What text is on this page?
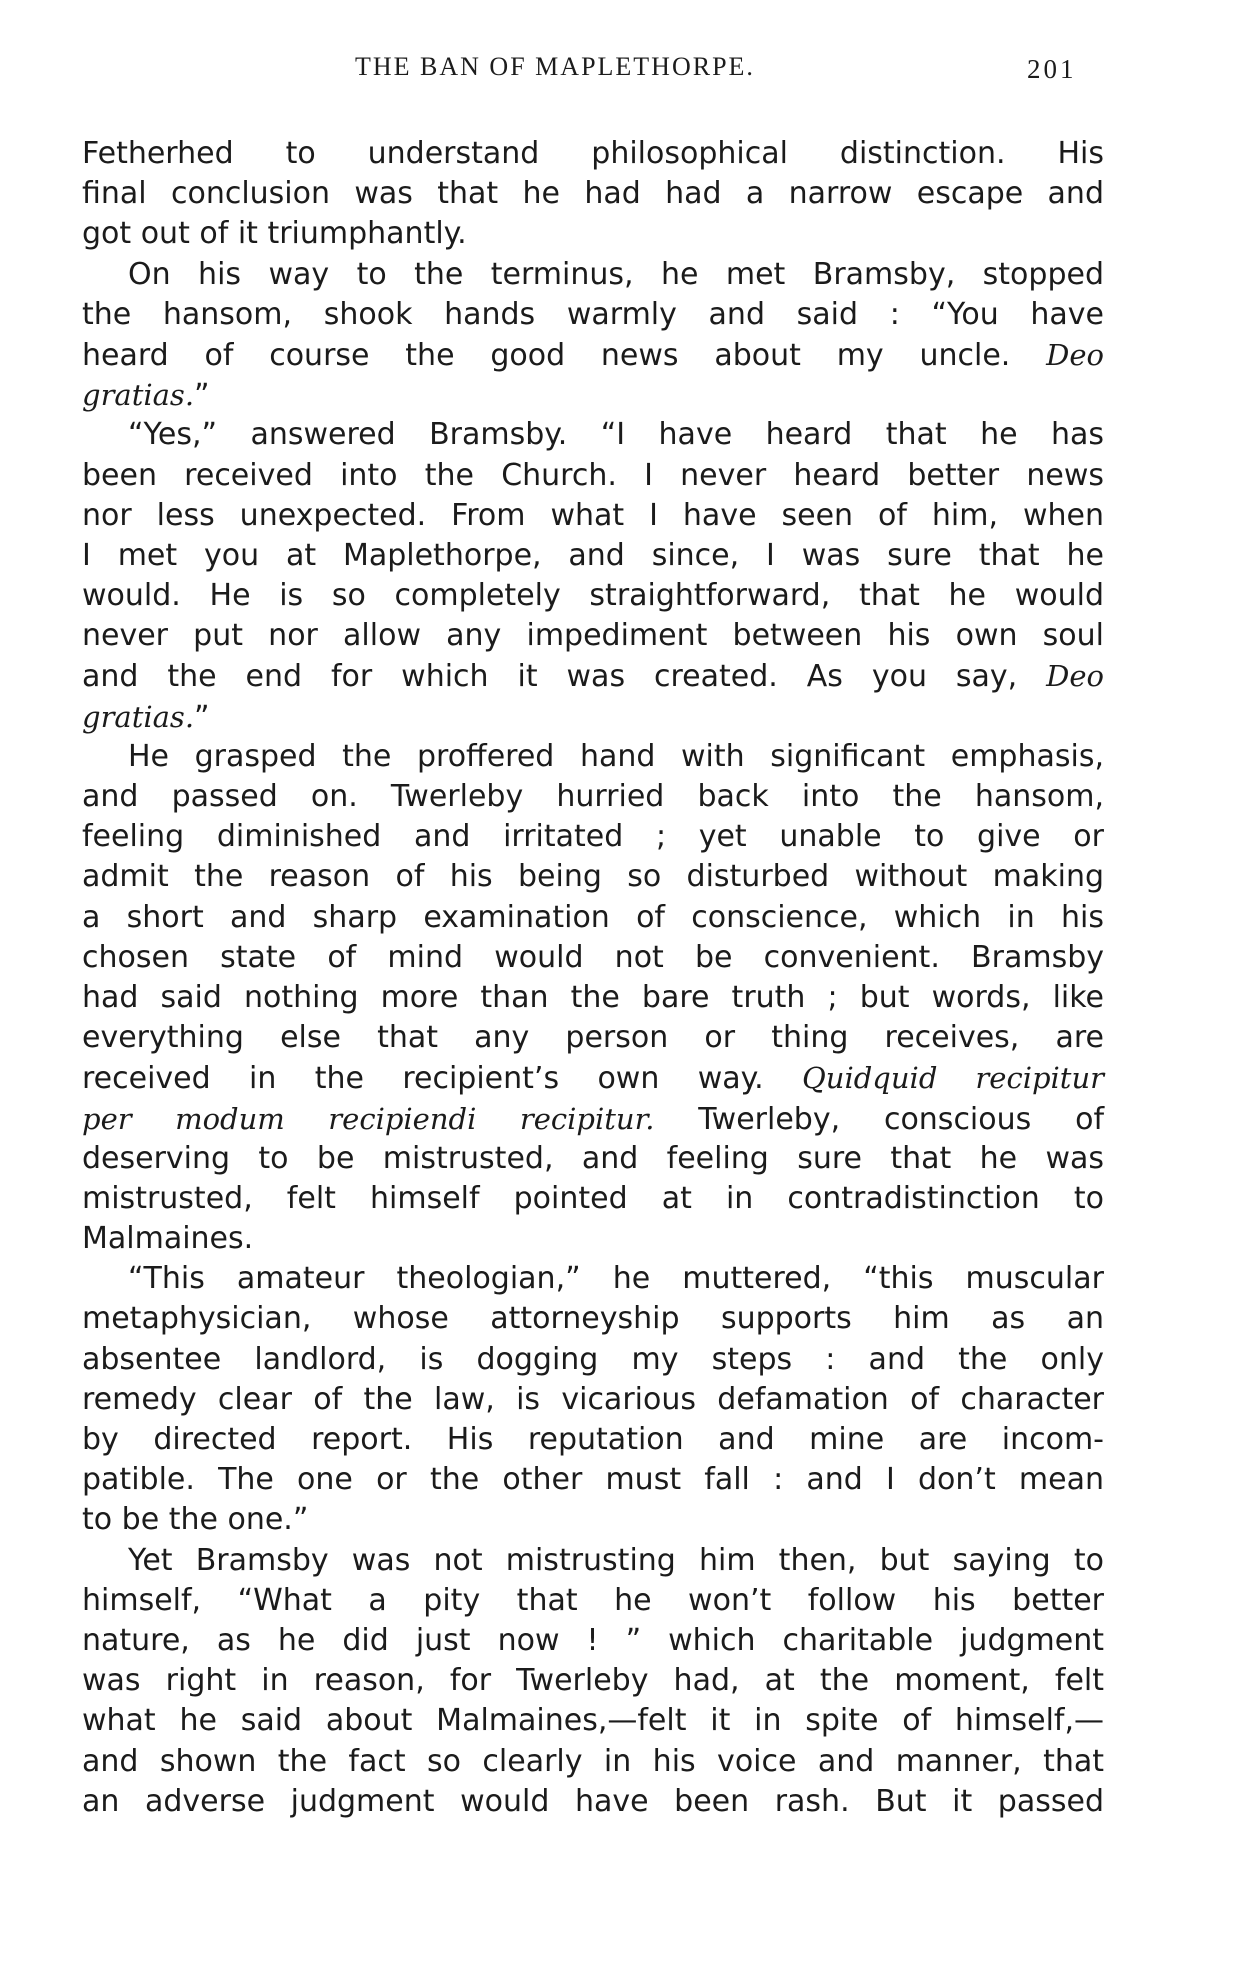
THE BAN OF MAPLETHORPE.	201
Fetherhed to understand philosophical distinction. His
final conclusion was that he had had a narrow escape and
got out of it triumphantly.
On his way to the terminus, he met Bramsby, stopped
the hansom, shook hands warmly and said : “You have
heard of course the good news about my uncle. Deo
gratias.”
“Yes,” answered Bramsby. “I have heard that he has
been received into the Church. I never heard better news
nor less unexpected. From what I have seen of him, when
I met you at Maplethorpe, and since, I was sure that he
would. He is so completely straightforward, that he would
never put nor allow any impediment between his own soul
and the end for which it was created. As you say, Deo
gratias.”
He grasped the proffered hand with significant emphasis,
and passed on. Twerleby hurried back into the hansom,
feeling diminished and irritated ; yet unable to give or
admit the reason of his being so disturbed without making
a short and sharp examination of conscience, which in his
chosen state of mind would not be convenient. Bramsby
had said nothing more than the bare truth ; but words, like
everything else that any person or thing receives, are
received in the recipient’s own way. Quidquid recipitur
per modum recipiendi recipitur. Twerleby, conscious of
deserving to be mistrusted, and feeling sure that he was
mistrusted, felt himself pointed at in contradistinction to
Malmaines.
“This amateur theologian,” he muttered, “this muscular
metaphysician, whose attorneyship supports him as an
absentee landlord, is dogging my steps : and the only
remedy clear of the law, is vicarious defamation of character
by directed report. His reputation and mine are incom-
patible. The one or the other must fall : and I don’t mean
to be the one.”
Yet Bramsby was not mistrusting him then, but saying to
himself, “What a pity that he won’t follow his better
nature, as he did just now ! ” which charitable judgment
was right in reason, for Twerleby had, at the moment, felt
what he said about Malmaines,—felt it in spite of himself,—
and shown the fact so clearly in his voice and manner, that
an adverse judgment would have been rash. But it passed
